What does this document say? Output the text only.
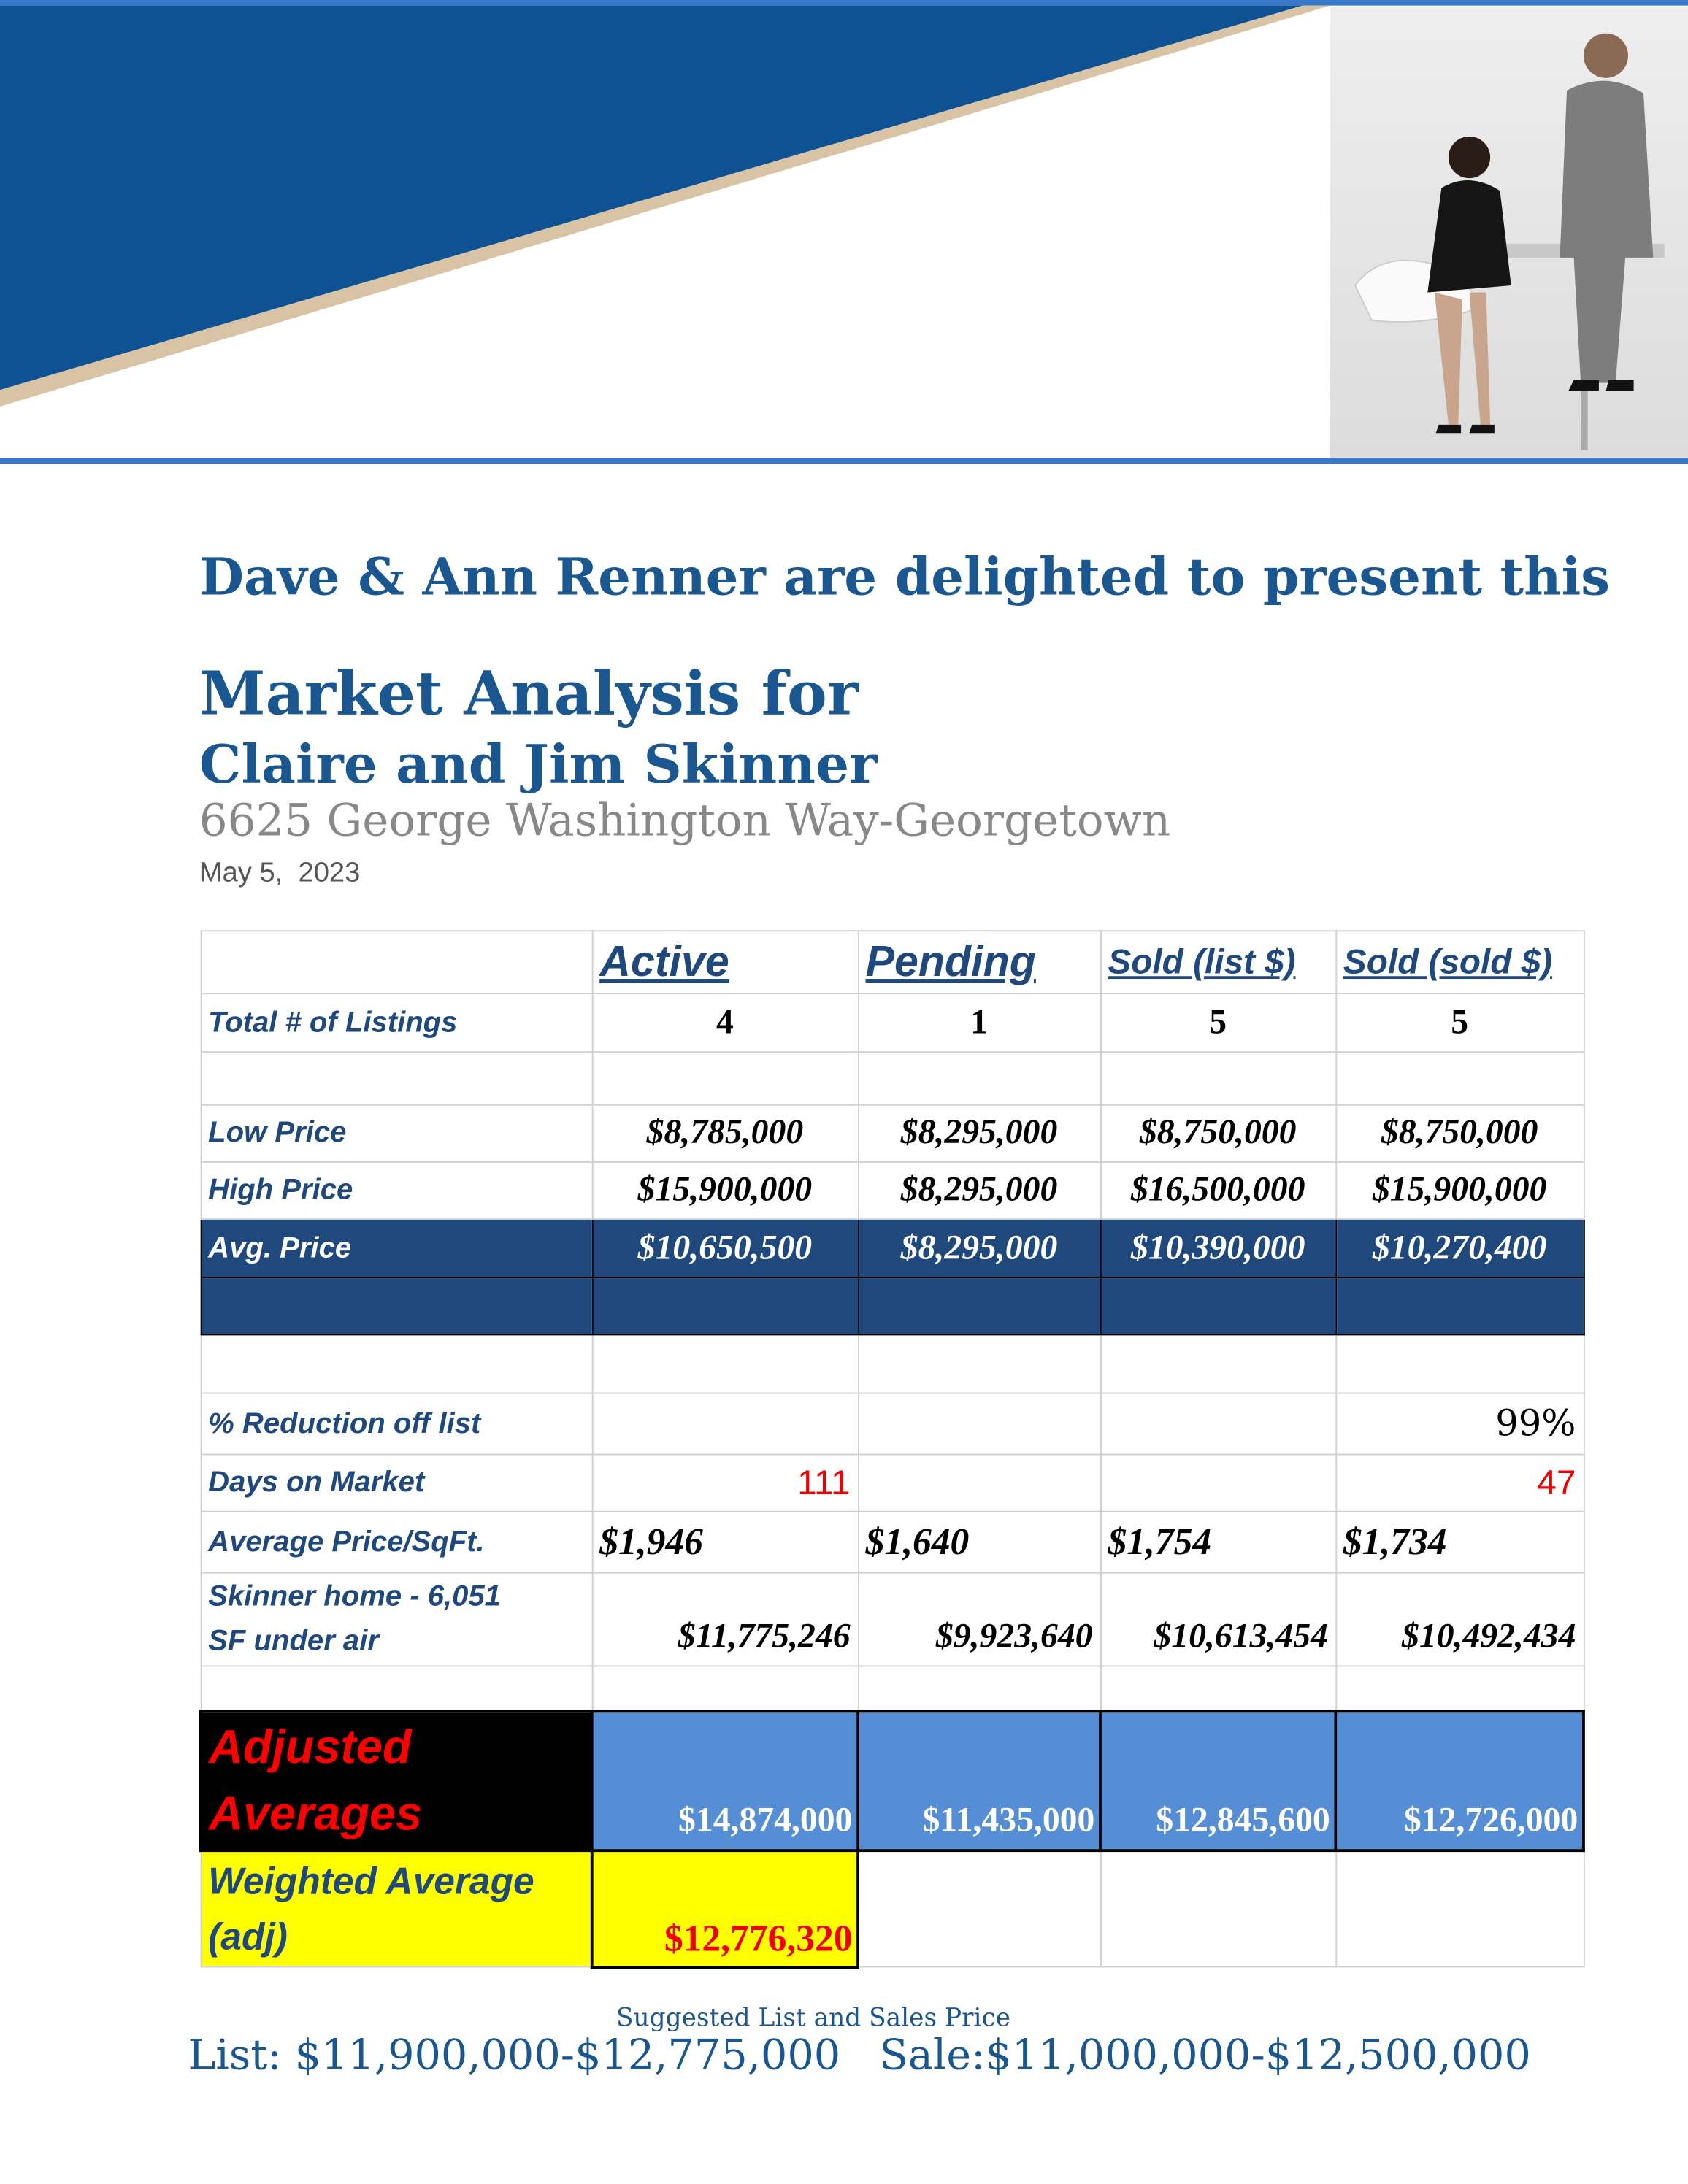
Dave & Ann Renner are delighted to present this
Market Analysis for
Claire and Jim Skinner
6625 George Washington Way-Georgetown
May 5,  2023
	Active	Pending	Sold (list $)	Sold (sold $)
Total # of Listings	4	1	5	5

Low Price	$8,785,000	$8,295,000	$8,750,000	$8,750,000
High Price	$15,900,000	$8,295,000	$16,500,000	$15,900,000
Avg. Price	$10,650,500	$8,295,000	$10,390,000	$10,270,400

% Reduction off list				99%
Days on Market	111			47
Average Price/SqFt.	$1,946	$1,640	$1,754	$1,734

Skinner home - 6,051
SF under air	$11,775,246	$9,923,640	$10,613,454	$10,492,434

Adjusted
Averages	$14,874,000	$11,435,000	$12,845,600	$12,726,000

Weighted Average
(adj)	$12,776,320			
Suggested List and Sales Price
List: $11,900,000-$12,775,000 Sale:$11,000,000-$12,500,000
